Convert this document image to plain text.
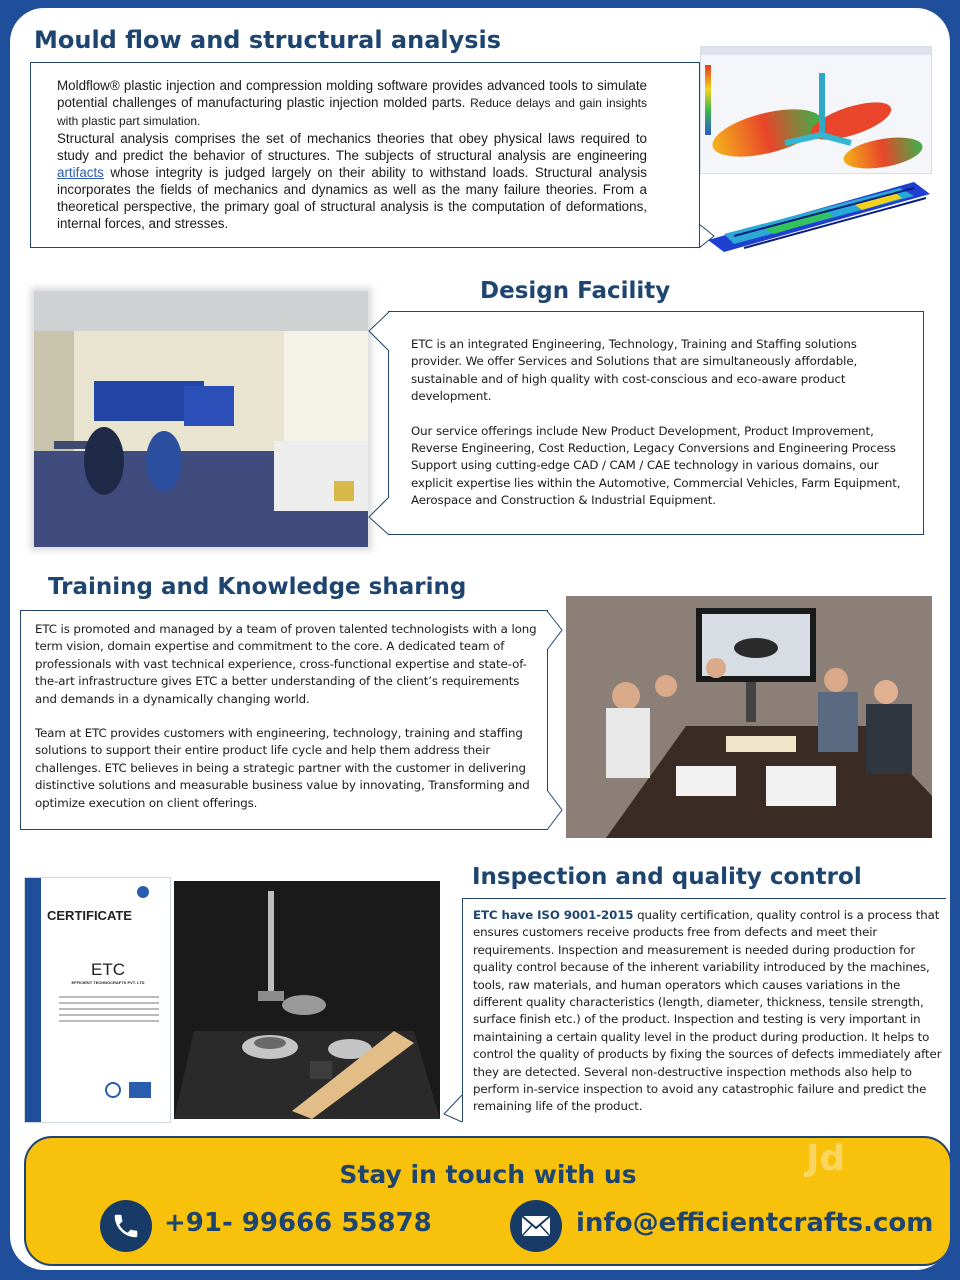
Mould flow and structural analysis

Moldflow® plastic injection and compression molding software provides advanced tools to simulate potential challenges of manufacturing plastic injection molded parts. Reduce delays and gain insights with plastic part simulation.

Structural analysis comprises the set of mechanics theories that obey physical laws required to study and predict the behavior of structures. The subjects of structural analysis are engineering artifacts whose integrity is judged largely on their ability to withstand loads. Structural analysis incorporates the fields of mechanics and dynamics as well as the many failure theories. From a theoretical perspective, the primary goal of structural analysis is the computation of deformations, internal forces, and stresses.

Design Facility

ETC is an integrated Engineering, Technology, Training and Staffing solutions provider. We offer Services and Solutions that are simultaneously affordable, sustainable and of high quality with cost-conscious and eco-aware product development.

Our service offerings include New Product Development, Product Improvement, Reverse Engineering, Cost Reduction, Legacy Conversions and Engineering Process Support using cutting-edge CAD / CAM / CAE technology in various domains, our explicit expertise lies within the Automotive, Commercial Vehicles, Farm Equipment, Aerospace and Construction & Industrial Equipment.

Training and Knowledge sharing

ETC is promoted and managed by a team of proven talented technologists with a long term vision, domain expertise and commitment to the core. A dedicated team of professionals with vast technical experience, cross-functional expertise and state-of-the-art infrastructure gives ETC a better understanding of the client’s requirements and demands in a dynamically changing world.

Team at ETC provides customers with engineering, technology, training and staffing solutions to support their entire product life cycle and help them address their challenges. ETC believes in being a strategic partner with the customer in delivering distinctive solutions and measurable business value by innovating, Transforming and optimize execution on client offerings.

Inspection and quality control
CERTIFICATE
ETC
EFFICIENT TECHNOCRAFTS PVT. LTD

ETC have ISO 9001-2015 quality certification, quality control is a process that ensures customers receive products free from defects and meet their requirements. Inspection and measurement is needed during production for quality control because of the inherent variability introduced by the machines, tools, raw materials, and human operators which causes variations in the different quality characteristics (length, diameter, thickness, tensile strength, surface finish etc.) of the product. Inspection and testing is very important in maintaining a certain quality level in the product during production. It helps to control the quality of products by fixing the sources of defects immediately after they are detected. Several non-destructive inspection methods also help to perform in-service inspection to avoid any catastrophic failure and predict the remaining life of the product.

Stay in touch with us	Jd
+91- 99666 55878	info@efficientcrafts.com
